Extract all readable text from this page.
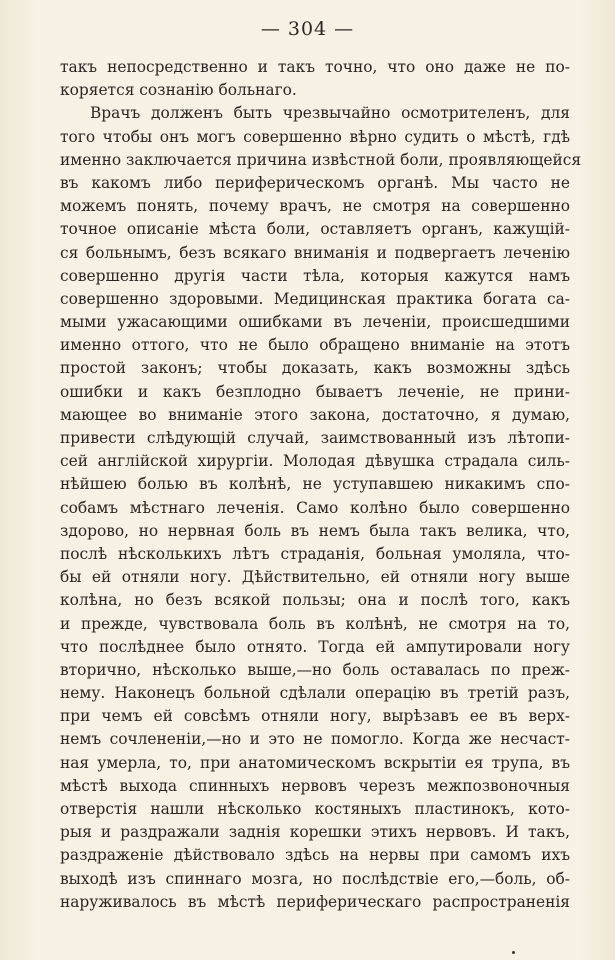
— 304 —
такъ непосредственно и такъ точно, что оно даже не по-
коряется сознанію больнаго.
Врачъ долженъ быть чрезвычайно осмотрителенъ, для
того чтобы онъ могъ совершенно вѣрно судить о мѣстѣ, гдѣ
именно заключается причина извѣстной боли, проявляющейся
въ какомъ либо периферическомъ органѣ. Мы часто не
можемъ понять, почему врачъ, не смотря на совершенно
точное описаніе мѣста боли, оставляетъ органъ, кажущій-
ся больнымъ, безъ всякаго вниманія и подвергаетъ леченію
совершенно другія части тѣла, которыя кажутся намъ
совершенно здоровыми. Медицинская практика богата са-
мыми ужасающими ошибками въ леченіи, происшедшими
именно оттого, что не было обращено вниманіе на этотъ
простой законъ; чтобы доказать, какъ возможны здѣсь
ошибки и какъ безплодно бываетъ леченіе, не прини-
мающее во вниманіе этого закона, достаточно, я думаю,
привести слѣдующій случай, заимствованный изъ лѣтопи-
сей англійской хирургіи. Молодая дѣвушка страдала силь-
нѣйшею болью въ колѣнѣ, не уступавшею никакимъ спо-
собамъ мѣстнаго леченія. Само колѣно было совершенно
здорово, но нервная боль въ немъ была такъ велика, что,
послѣ нѣсколькихъ лѣтъ страданія, больная умоляла, что-
бы ей отняли ногу. Дѣйствительно, ей отняли ногу выше
колѣна, но безъ всякой пользы; она и послѣ того, какъ
и прежде, чувствовала боль въ колѣнѣ, не смотря на то,
что послѣднее было отнято. Тогда ей ампутировали ногу
вторично, нѣсколько выше,—но боль оставалась по преж-
нему. Наконецъ больной сдѣлали операцію въ третій разъ,
при чемъ ей совсѣмъ отняли ногу, вырѣзавъ ее въ верх-
немъ сочлененіи,—но и это не помогло. Когда же несчаст-
ная умерла, то, при анатомическомъ вскрытіи ея трупа, въ
мѣстѣ выхода спинныхъ нервовъ черезъ межпозвоночныя
отверстія нашли нѣсколько костяныхъ пластинокъ, кото-
рыя и раздражали заднія корешки этихъ нервовъ. И такъ,
раздраженіе дѣйствовало здѣсь на нервы при самомъ ихъ
выходѣ изъ спиннаго мозга, но послѣдствіе его,—боль, об-
наруживалось въ мѣстѣ периферическаго распространенія
